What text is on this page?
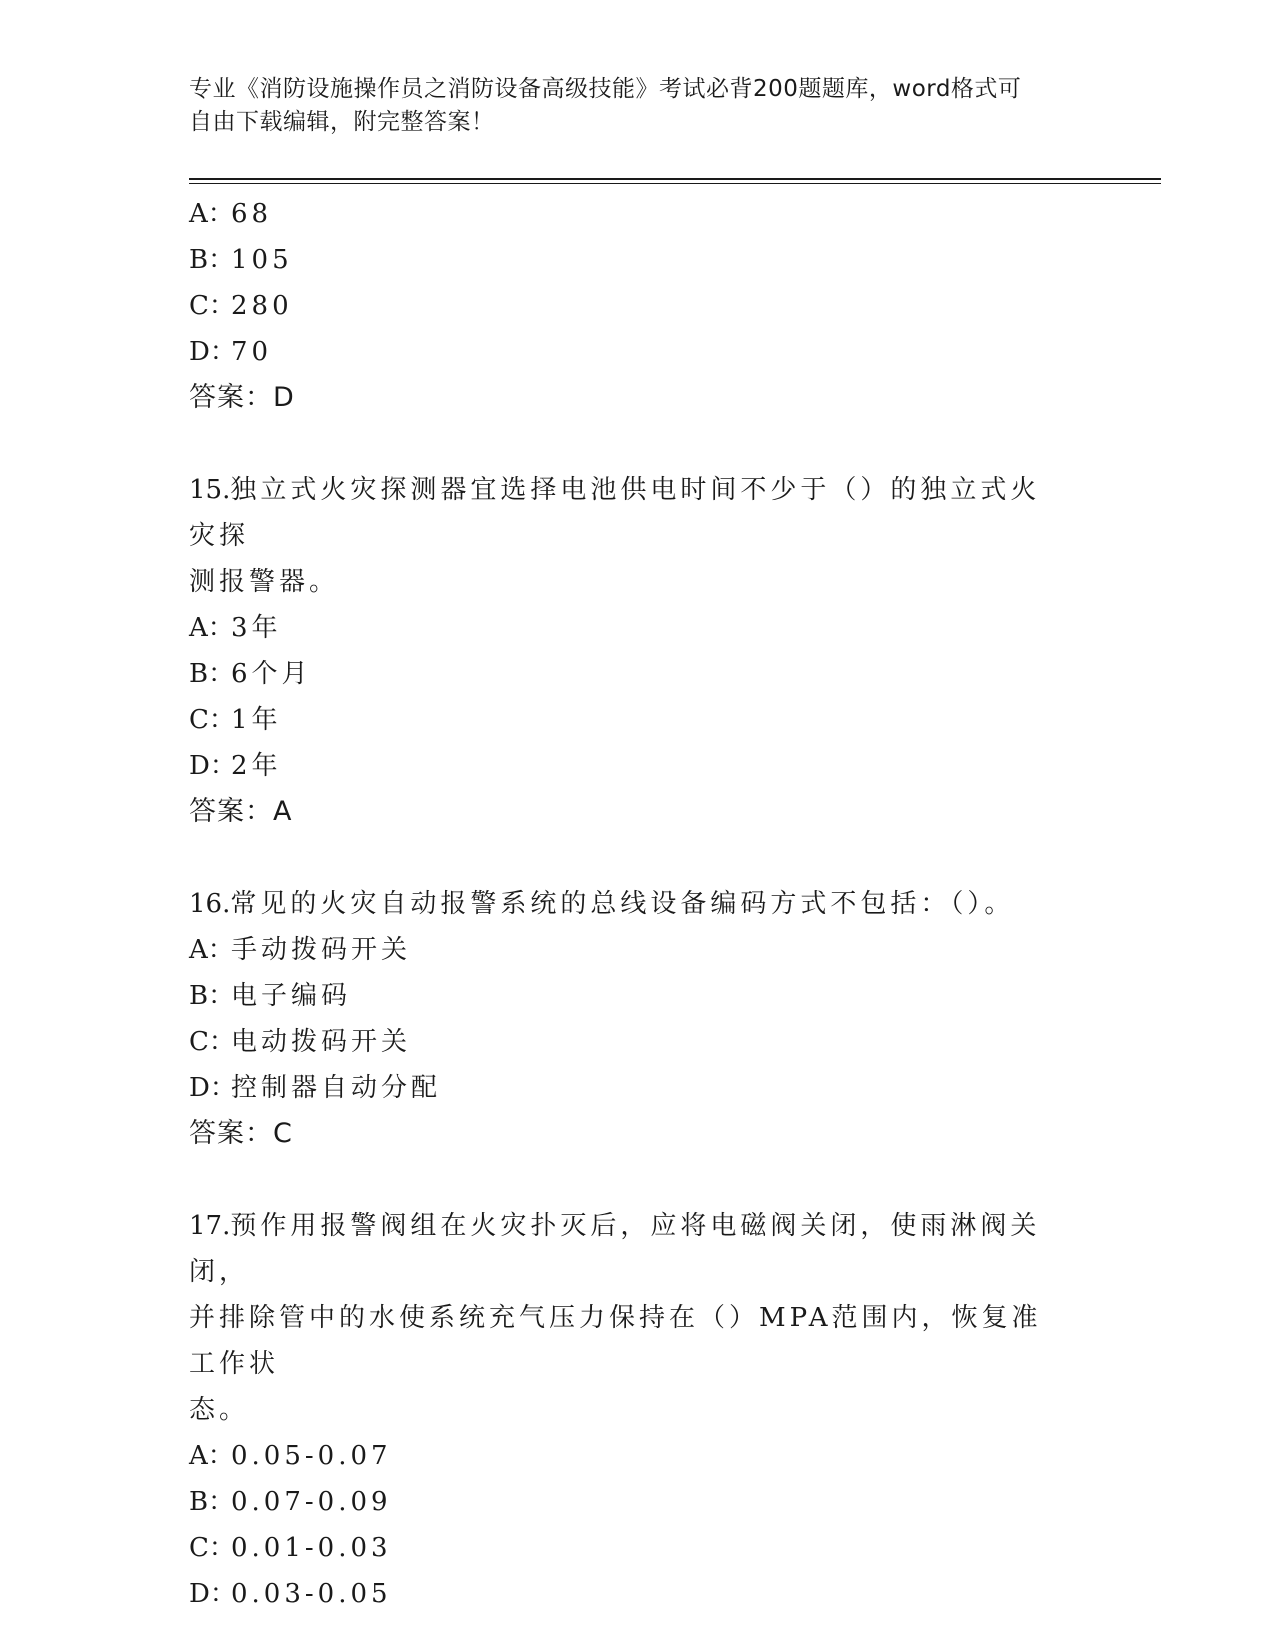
专业《消防设施操作员之消防设备高级技能》考试必背200题题库，word格式可
自由下载编辑，附完整答案！
A：68
B：105
C：280
D：70
答案：D
15.独立式火灾探测器宜选择电池供电时间不少于（）的独立式火灾探
测报警器。
A：3年
B：6个月
C：1年
D：2年
答案：A
16.常见的火灾自动报警系统的总线设备编码方式不包括：（）。
A：手动拨码开关
B：电子编码
C：电动拨码开关
D：控制器自动分配
答案：C
17.预作用报警阀组在火灾扑灭后，应将电磁阀关闭，使雨淋阀关闭，
并排除管中的水使系统充气压力保持在（）MPA范围内，恢复准工作状
态。
A：0.05-0.07
B：0.07-0.09
C：0.01-0.03
D：0.03-0.05
